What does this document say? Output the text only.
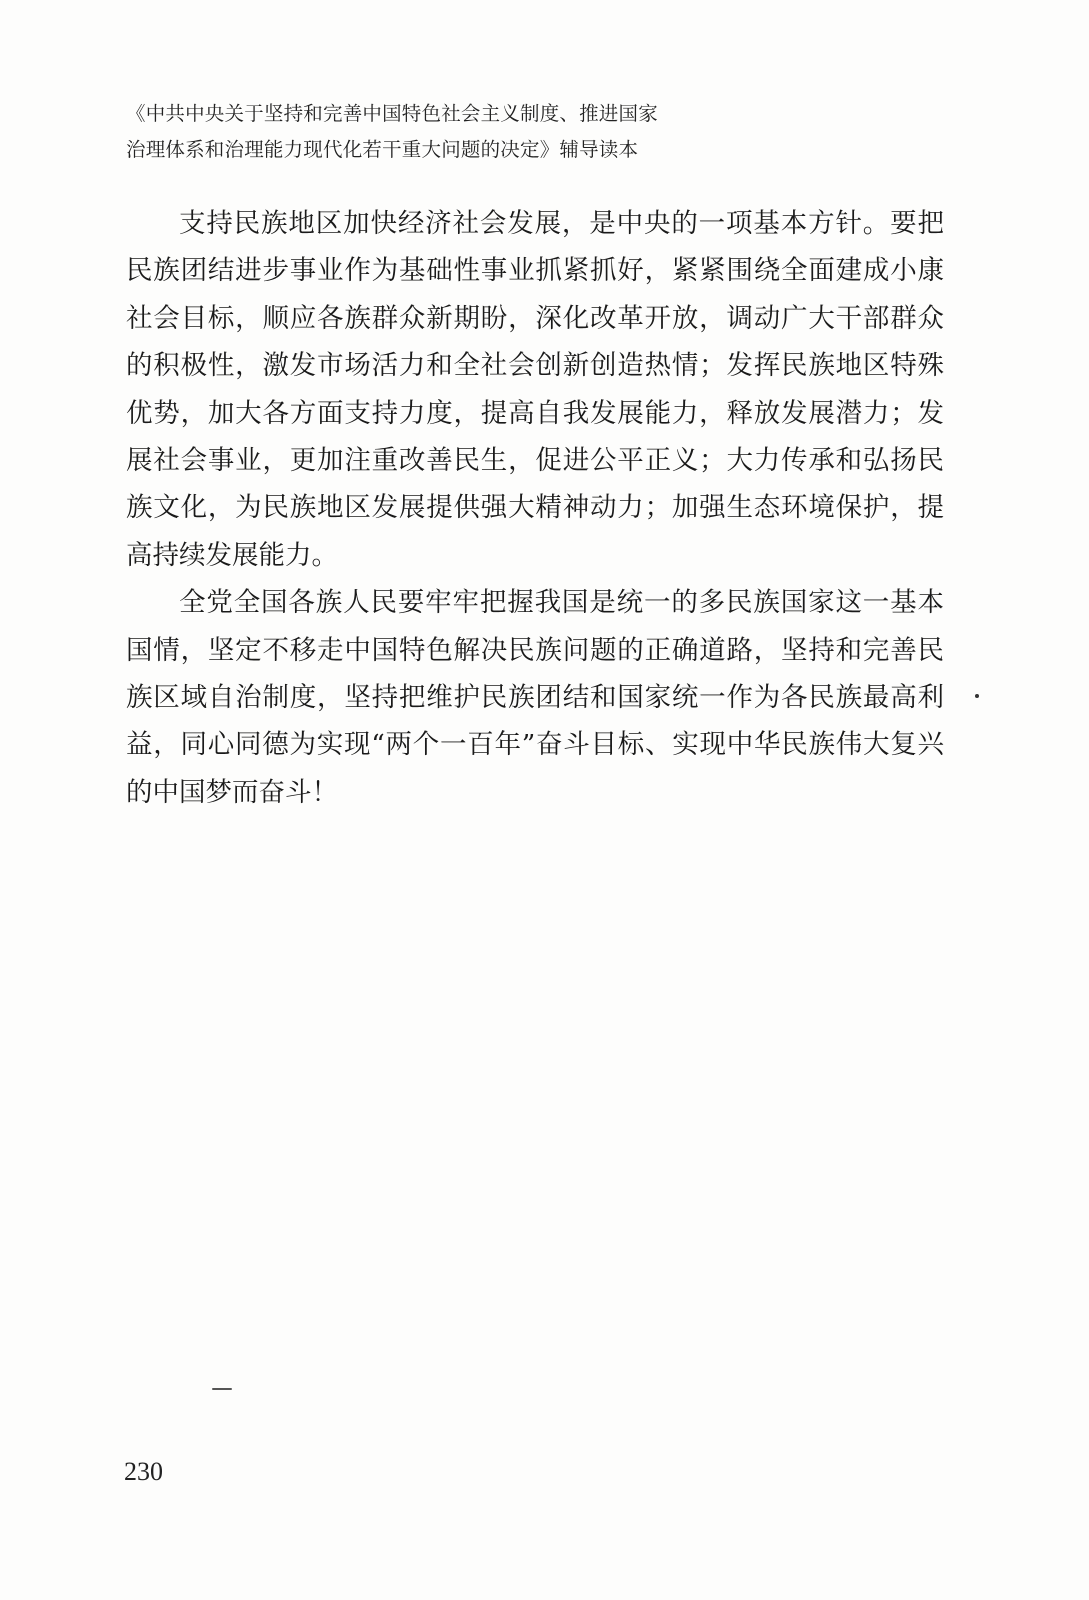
《中共中央关于坚持和完善中国特色社会主义制度、推进国家
治理体系和治理能力现代化若干重大问题的决定》辅导读本

支持民族地区加快经济社会发展，是中央的一项基本方针。要把民族团结进步事业作为基础性事业抓紧抓好，紧紧围绕全面建成小康社会目标，顺应各族群众新期盼，深化改革开放，调动广大干部群众的积极性，激发市场活力和全社会创新创造热情；发挥民族地区特殊优势，加大各方面支持力度，提高自我发展能力，释放发展潜力；发展社会事业，更加注重改善民生，促进公平正义；大力传承和弘扬民族文化，为民族地区发展提供强大精神动力；加强生态环境保护，提高持续发展能力。

全党全国各族人民要牢牢把握我国是统一的多民族国家这一基本国情，坚定不移走中国特色解决民族问题的正确道路，坚持和完善民族区域自治制度，坚持把维护民族团结和国家统一作为各民族最高利益，同心同德为实现“两个一百年”奋斗目标、实现中华民族伟大复兴的中国梦而奋斗！

230
